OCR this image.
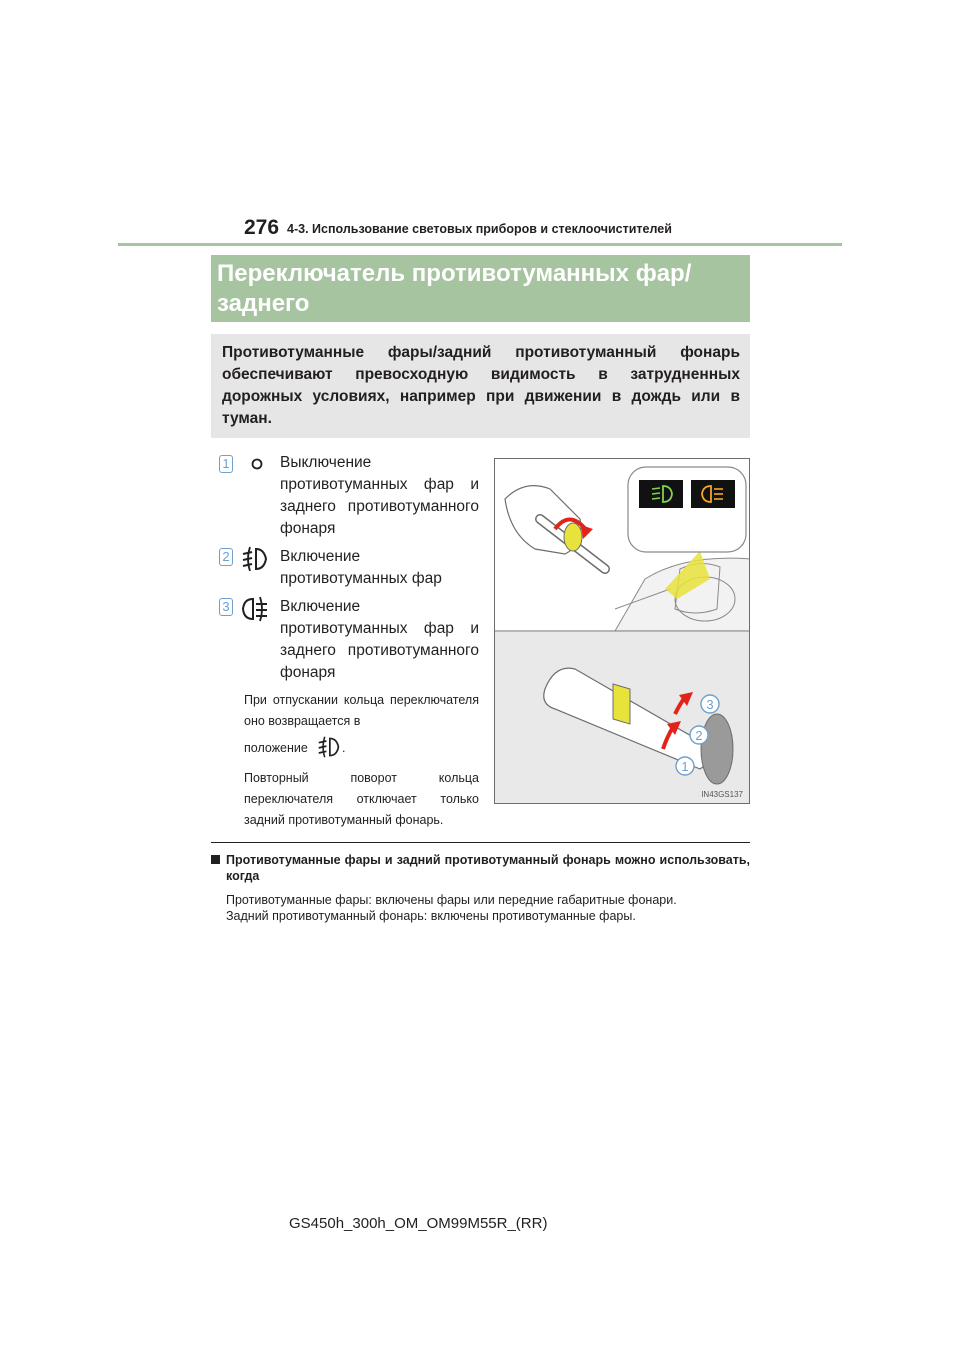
276 4-3. Использование световых приборов и стеклоочистителей
Переключатель противотуманных фар/заднего
Противотуманные фары/задний противотуманный фонарь обеспечивают превосходную видимость в затрудненных дорожных условиях, например при движении в дождь или в туман.
1	Выключение противотуманных фар и заднего противотуманного фонаря
2	Включение противотуманных фар
3	Включение противотуманных фар и заднего противотуманного фонаря
При отпускании кольца переключателя оно возвращается в
положение	.
Повторный поворот кольца переключателя отключает только задний противотуманный фонарь.
3
2
1
IN43GS137
Противотуманные фары и задний противотуманный фонарь можно использовать, когда
Противотуманные фары: включены фары или передние габаритные фонари.
Задний противотуманный фонарь: включены противотуманные фары.
GS450h_300h_OM_OM99M55R_(RR)
